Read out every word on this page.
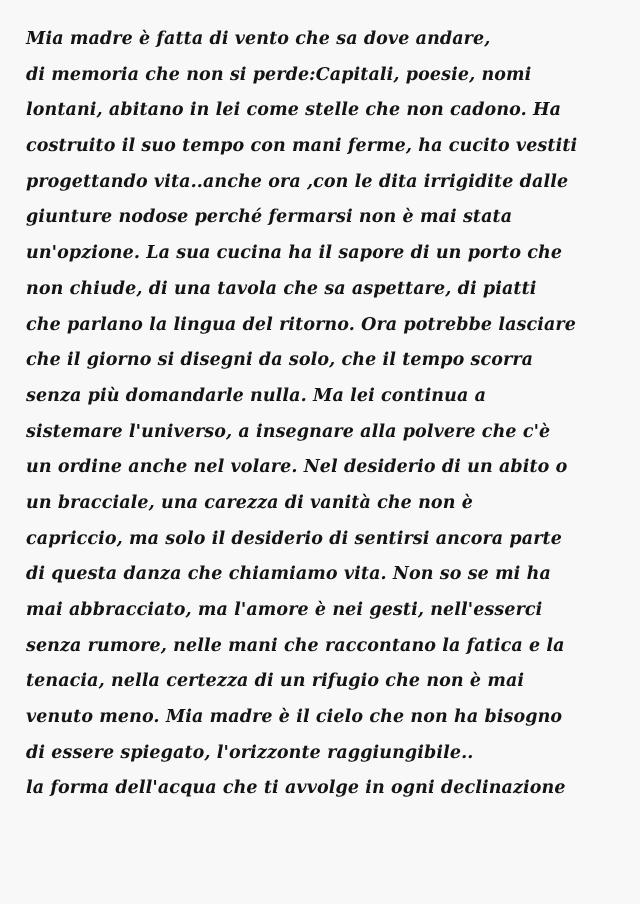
Mia madre è fatta di vento che sa dove andare,
di memoria che non si perde:Capitali, poesie, nomi
lontani, abitano in lei come stelle che non cadono. Ha
costruito il suo tempo con mani ferme, ha cucito vestiti
progettando vita..anche ora ,con le dita irrigidite dalle
giunture nodose perché fermarsi non è mai stata
un'opzione. La sua cucina ha il sapore di un porto che
non chiude, di una tavola che sa aspettare, di piatti
che parlano la lingua del ritorno. Ora potrebbe lasciare
che il giorno si disegni da solo, che il tempo scorra
senza più domandarle nulla. Ma lei continua a
sistemare l'universo, a insegnare alla polvere che c'è
un ordine anche nel volare. Nel desiderio di un abito o
un bracciale, una carezza di vanità che non è
capriccio, ma solo il desiderio di sentirsi ancora parte
di questa danza che chiamiamo vita. Non so se mi ha
mai abbracciato, ma l'amore è nei gesti, nell'esserci
senza rumore, nelle mani che raccontano la fatica e la
tenacia, nella certezza di un rifugio che non è mai
venuto meno. Mia madre è il cielo che non ha bisogno
di essere spiegato, l'orizzonte raggiungibile..
la forma dell'acqua che ti avvolge in ogni declinazione
